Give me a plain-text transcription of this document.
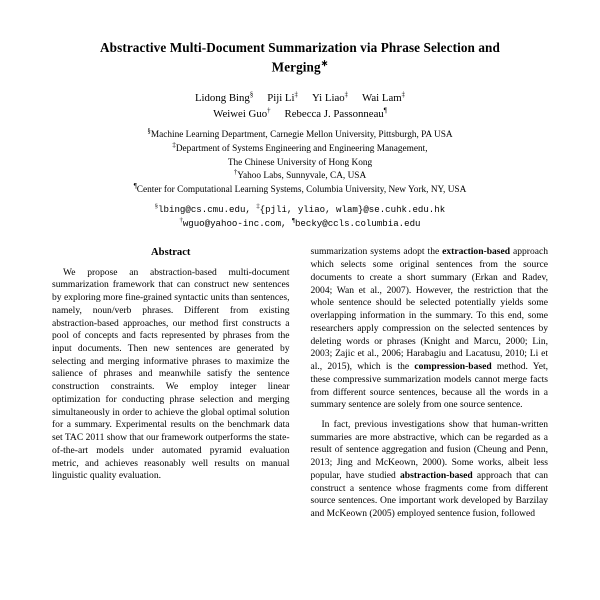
Abstractive Multi-Document Summarization via Phrase Selection and
Merging∗
Lidong Bing§ Piji Li‡ Yi Liao‡ Wai Lam‡
Weiwei Guo† Rebecca J. Passonneau¶
§Machine Learning Department, Carnegie Mellon University, Pittsburgh, PA USA
‡Department of Systems Engineering and Engineering Management,
The Chinese University of Hong Kong
†Yahoo Labs, Sunnyvale, CA, USA
¶Center for Computational Learning Systems, Columbia University, New York, NY, USA
§lbing@cs.cmu.edu, ‡{pjli, yliao, wlam}@se.cuhk.edu.hk
†wguo@yahoo-inc.com, ¶becky@ccls.columbia.edu
Abstract

We propose an abstraction-based multi-document summarization framework that can construct new sentences by exploring more fine-grained syntactic units than sentences, namely, noun/verb phrases. Different from existing abstraction-based approaches, our method first constructs a pool of concepts and facts represented by phrases from the input documents. Then new sentences are generated by selecting and merging informative phrases to maximize the salience of phrases and meanwhile satisfy the sentence construction constraints. We employ integer linear optimization for conducting phrase selection and merging simultaneously in order to achieve the global optimal solution for a summary. Experimental results on the benchmark data set TAC 2011 show that our framework outperforms the state-of-the-art models under automated pyramid evaluation metric, and achieves reasonably well results on manual linguistic quality evaluation.

summarization systems adopt the extraction-based approach which selects some original sentences from the source documents to create a short summary (Erkan and Radev, 2004; Wan et al., 2007). However, the restriction that the whole sentence should be selected potentially yields some overlapping information in the summary. To this end, some researchers apply compression on the selected sentences by deleting words or phrases (Knight and Marcu, 2000; Lin, 2003; Zajic et al., 2006; Harabagiu and Lacatusu, 2010; Li et al., 2015), which is the compression-based method. Yet, these compressive summarization models cannot merge facts from different source sentences, because all the words in a summary sentence are solely from one source sentence.

In fact, previous investigations show that human-written summaries are more abstractive, which can be regarded as a result of sentence aggregation and fusion (Cheung and Penn, 2013; Jing and McKeown, 2000). Some works, albeit less popular, have studied abstraction-based approach that can construct a sentence whose fragments come from different source sentences. One important work developed by Barzilay and McKeown (2005) employed sentence fusion, followed
